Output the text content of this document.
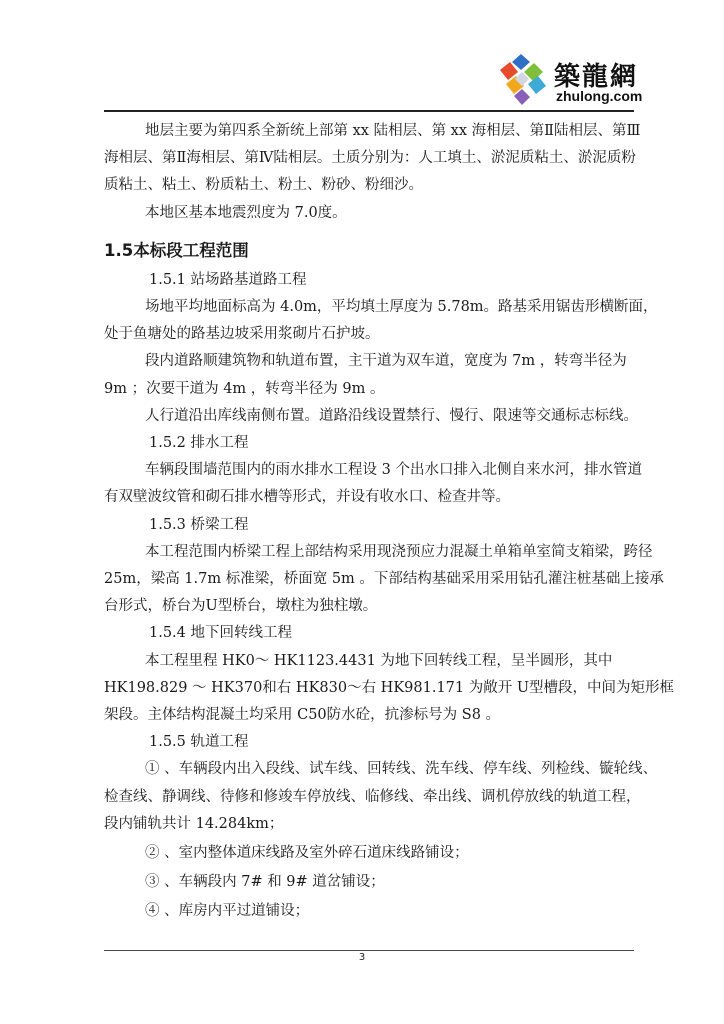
築龍網
zhulong.com

地层主要为第四系全新统上部第 xx 陆相层、第 xx 海相层、第Ⅱ陆相层、第Ⅲ

海相层、第Ⅱ海相层、第Ⅳ陆相层。土质分别为：人工填土、淤泥质粘土、淤泥质粉

质粘土、粘土、粉质粘土、粉土、粉砂、粉细沙。

本地区基本地震烈度为 7.0度。

1.5本标段工程范围

1.5.1 站场路基道路工程

场地平均地面标高为 4.0m，平均填土厚度为 5.78m。路基采用锯齿形横断面，

处于鱼塘处的路基边坡采用浆砌片石护坡。

段内道路顺建筑物和轨道布置，主干道为双车道，宽度为 7m ，转弯半径为

9m ；次要干道为 4m ，转弯半径为 9m 。

人行道沿出库线南侧布置。道路沿线设置禁行、慢行、限速等交通标志标线。

1.5.2 排水工程

车辆段围墙范围内的雨水排水工程设 3 个出水口排入北侧自来水河，排水管道

有双壁波纹管和砌石排水槽等形式，并设有收水口、检查井等。

1.5.3 桥梁工程

本工程范围内桥梁工程上部结构采用现浇预应力混凝土单箱单室简支箱梁，跨径

25m，梁高 1.7m 标准梁，桥面宽 5m 。下部结构基础采用采用钻孔灌注桩基础上接承

台形式，桥台为U型桥台，墩柱为独柱墩。

1.5.4 地下回转线工程

本工程里程 HK0～ HK1123.4431 为地下回转线工程，呈半圆形，其中

HK198.829 ～ HK370和右 HK830～右 HK981.171 为敞开 U型槽段，中间为矩形框

架段。主体结构混凝土均采用 C50防水砼，抗渗标号为 S8 。

1.5.5 轨道工程

① 、车辆段内出入段线、试车线、回转线、洗车线、停车线、列检线、镟轮线、

检查线、静调线、待修和修竣车停放线、临修线、牵出线、调机停放线的轨道工程，

段内铺轨共计 14.284km；

② 、室内整体道床线路及室外碎石道床线路铺设；

③ 、车辆段内 7# 和 9# 道岔铺设；

④ 、库房内平过道铺设；

3
